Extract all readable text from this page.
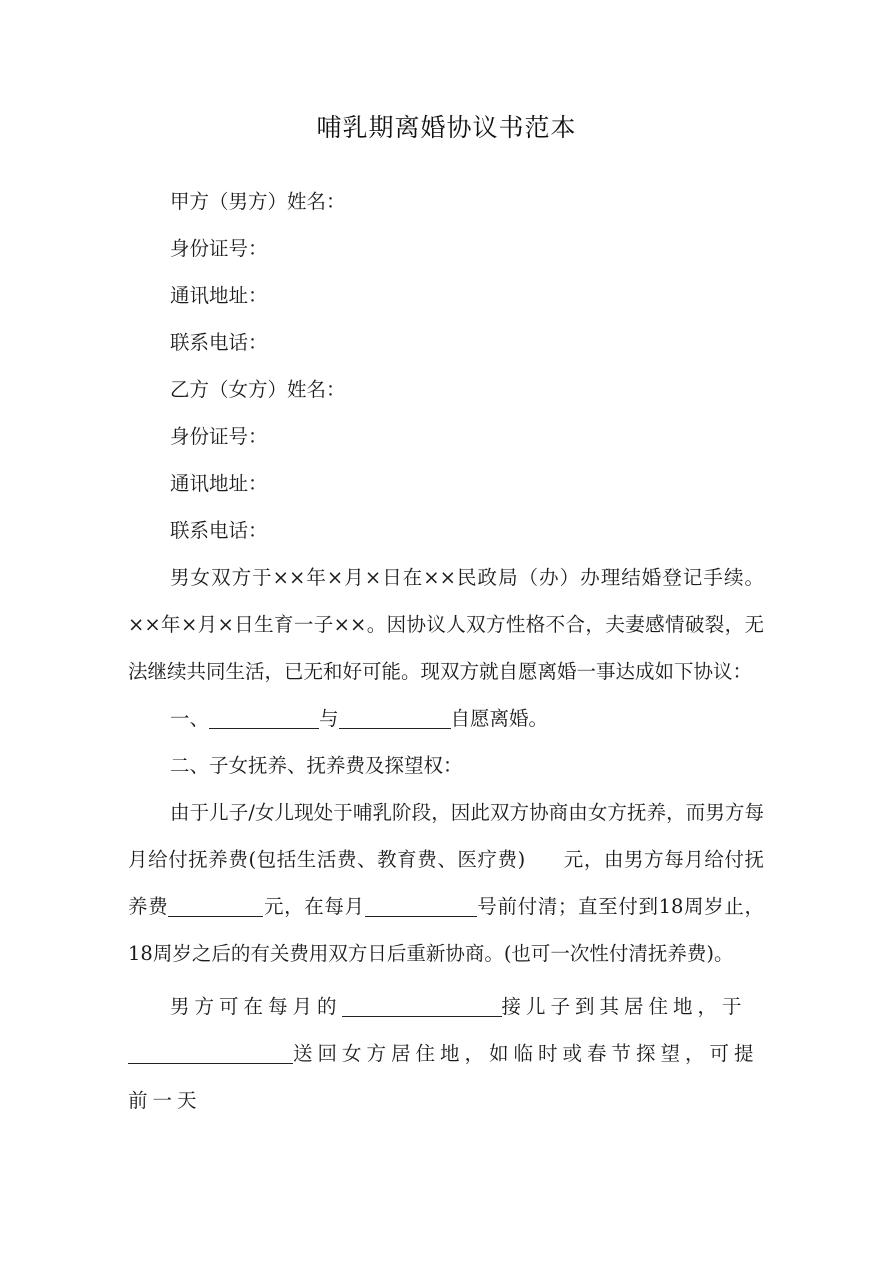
哺乳期离婚协议书范本
甲方（男方）姓名：
身份证号：
通讯地址：
联系电话：
乙方（女方）姓名：
身份证号：
通讯地址：
联系电话：

男女双方于××年×月×日在××民政局（办）办理结婚登记手续。××年×月×日生育一子××。因协议人双方性格不合，夫妻感情破裂，无法继续共同生活，已无和好可能。现双方就自愿离婚一事达成如下协议：

一、	与	自愿离婚。
二、子女抚养、抚养费及探望权：

由于儿子/女儿现处于哺乳阶段，因此双方协商由女方抚养，而男方每月给付抚养费(包括生活费、教育费、医疗费) 元，由男方每月给付抚养费	元，在每月	号前付清；直至付到18周岁止，18周岁之后的有关费用双方日后重新协商。(也可一次性付清抚养费)。

男方可在每月的	接儿子到其居住地，于送回女方居住地，如临时或春节探望，可提前一天
